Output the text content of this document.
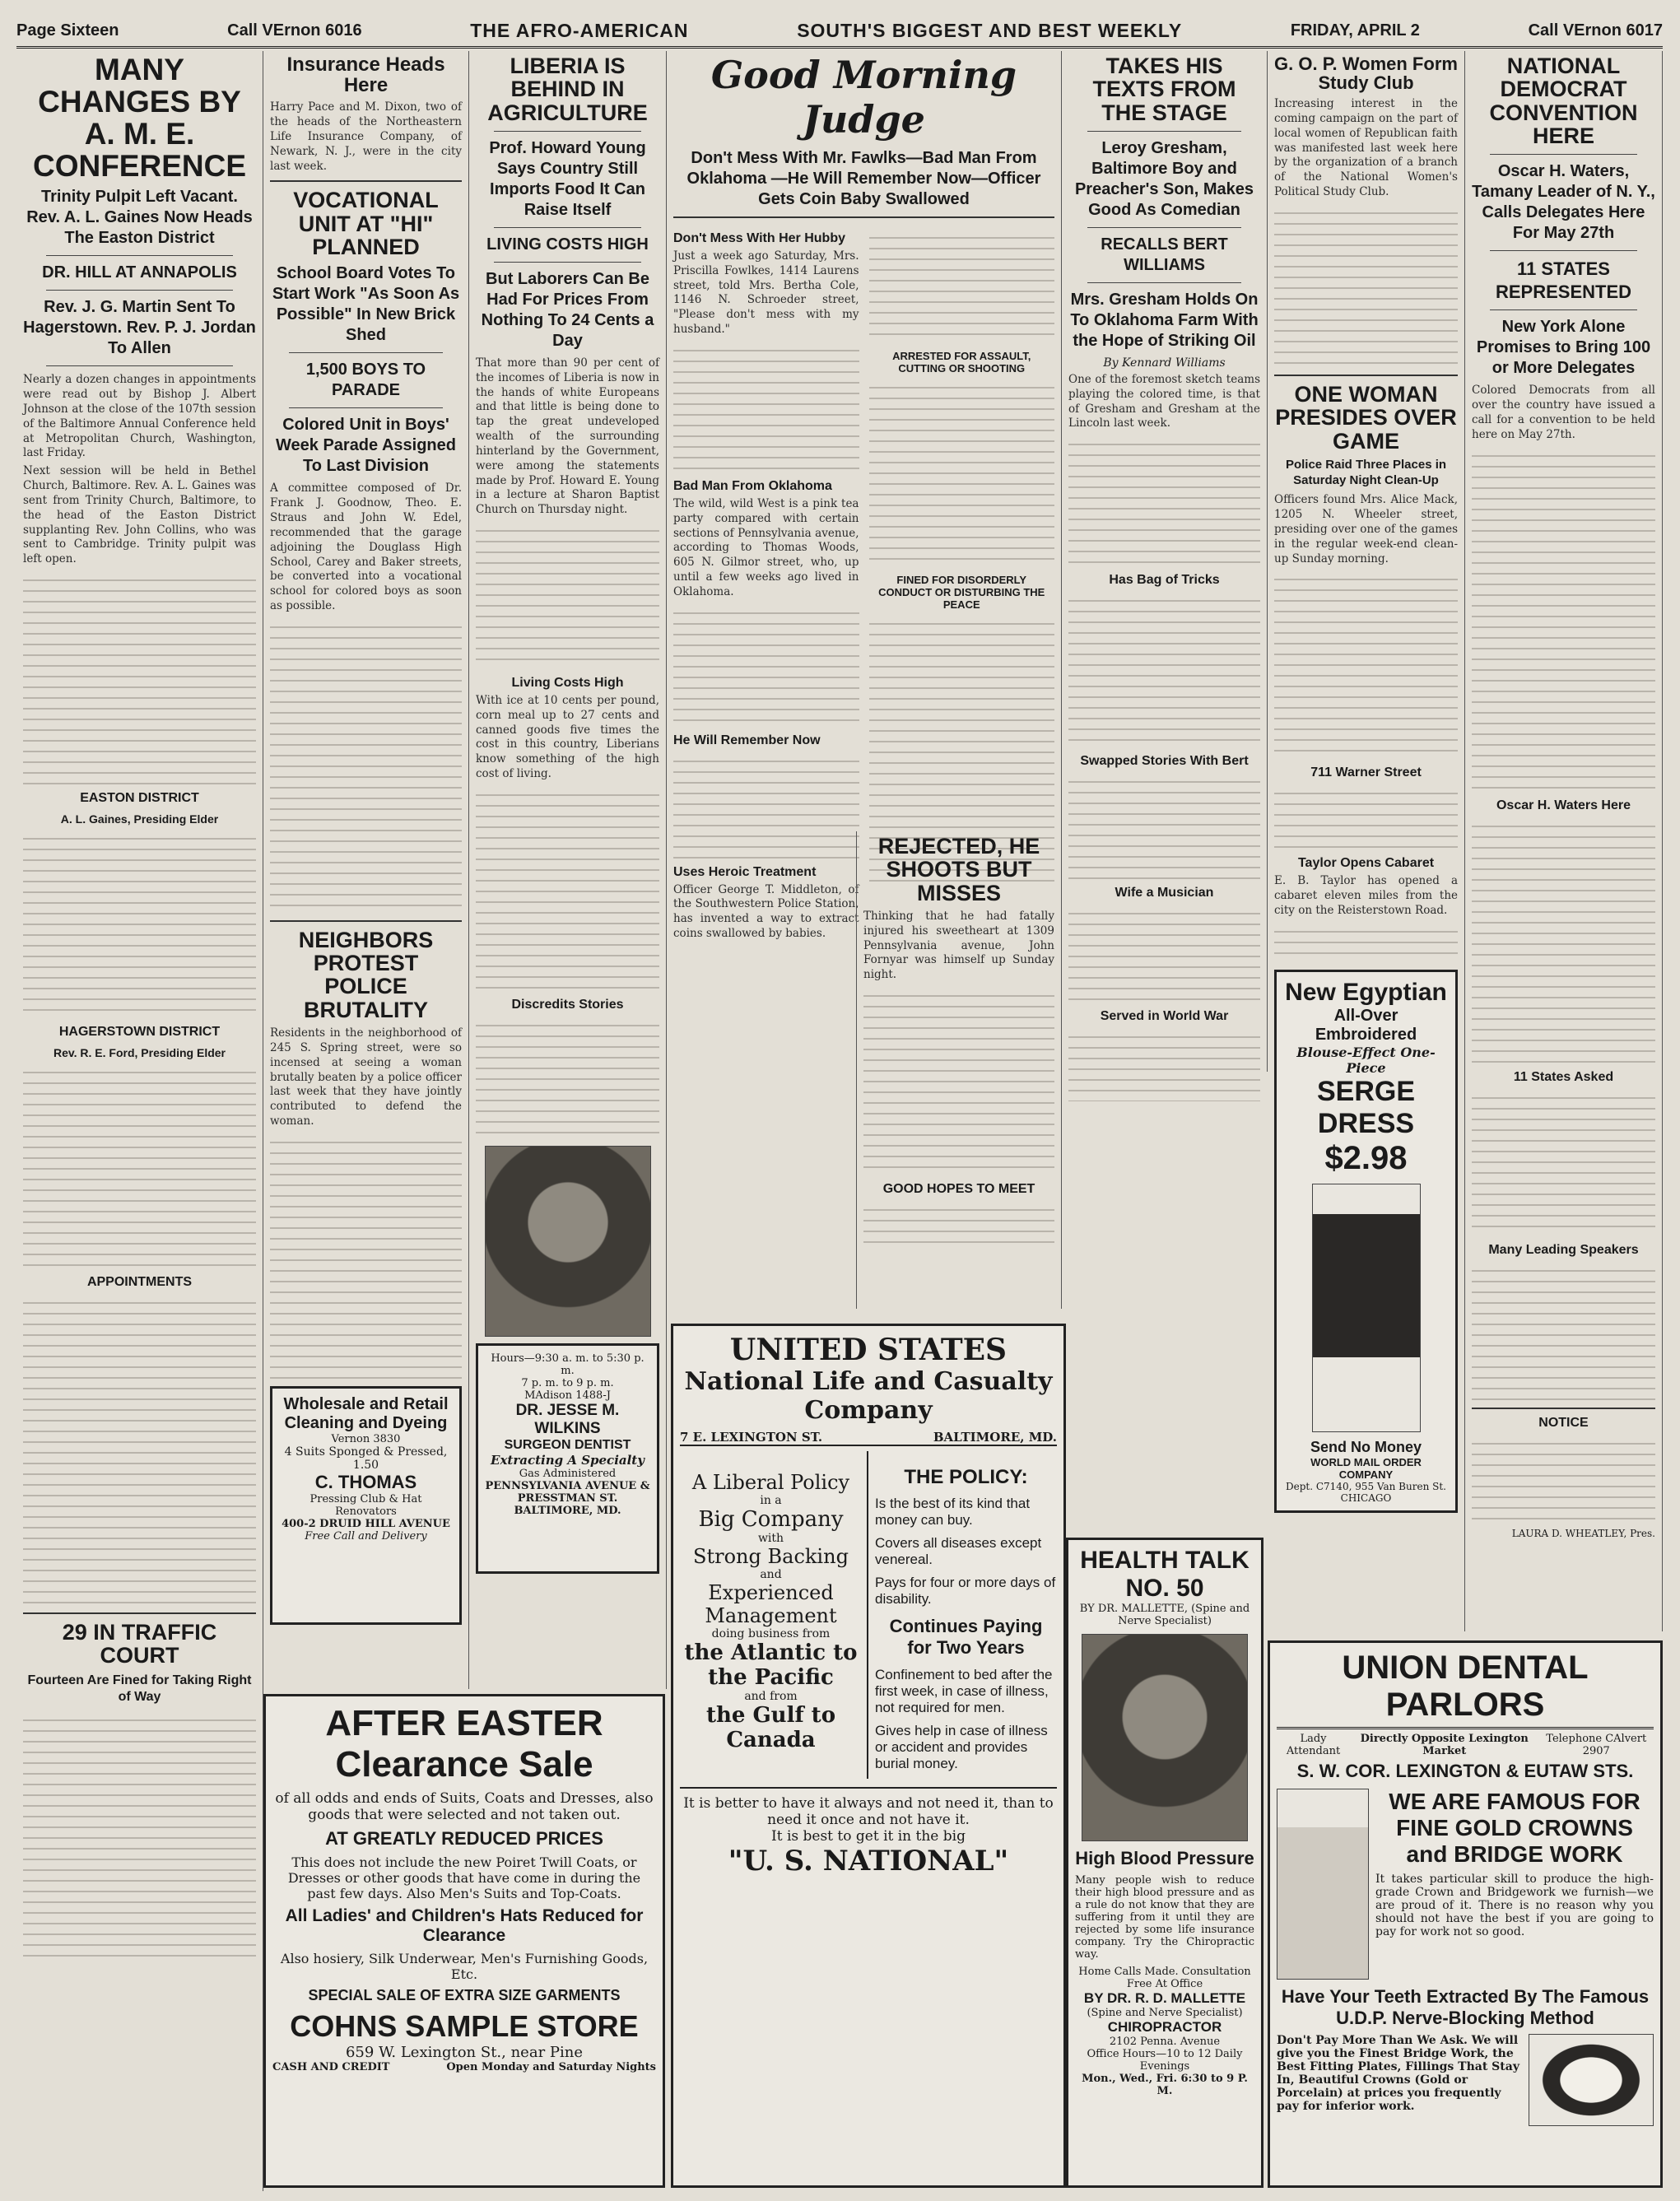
Page Sixteen	Call VErnon 6016	THE AFRO-AMERICAN	SOUTH'S BIGGEST AND BEST WEEKLY	FRIDAY, APRIL 2	Call VErnon 6017
MANY CHANGES BY A. M. E. CONFERENCE
Trinity Pulpit Left Vacant. Rev. A. L. Gaines Now Heads The Easton District
DR. HILL AT ANNAPOLIS
Rev. J. G. Martin Sent To Hagerstown. Rev. P. J. Jordan To Allen

Nearly a dozen changes in appointments were read out by Bishop J. Albert Johnson at the close of the 107th session of the Baltimore Annual Conference held at Metropolitan Church, Washington, last Friday.

Next session will be held in Bethel Church, Baltimore. Rev. A. L. Gaines was sent from Trinity Church, Baltimore, to the head of the Easton District supplanting Rev. John Collins, who was sent to Cambridge. Trinity pulpit was left open.

EASTON DISTRICT
A. L. Gaines, Presiding Elder

HAGERSTOWN DISTRICT
Rev. R. E. Ford, Presiding Elder

APPOINTMENTS

29 IN TRAFFIC COURT
Fourteen Are Fined for Taking Right of Way

Insurance Heads Here

Harry Pace and M. Dixon, two of the heads of the Northeastern Life Insurance Company, of Newark, N. J., were in the city last week.

VOCATIONAL UNIT AT "HI" PLANNED
School Board Votes To Start Work "As Soon As Possible" In New Brick Shed
1,500 BOYS TO PARADE
Colored Unit in Boys' Week Parade Assigned To Last Division

A committee composed of Dr. Frank J. Goodnow, Theo. E. Straus and John W. Edel, recommended that the garage adjoining the Douglass High School, Carey and Baker streets, be converted into a vocational school for colored boys as soon as possible.

NEIGHBORS PROTEST POLICE BRUTALITY

Residents in the neighborhood of 245 S. Spring street, were so incensed at seeing a woman brutally beaten by a police officer last week that they have jointly contributed to defend the woman.

Wholesale and Retail Cleaning and Dyeing
Vernon 3830
4 Suits Sponged & Pressed, 1.50
C. THOMAS
Pressing Club & Hat Renovators
400-2 DRUID HILL AVENUE
Free Call and Delivery
LIBERIA IS BEHIND IN AGRICULTURE
Prof. Howard Young Says Country Still Imports Food It Can Raise Itself
LIVING COSTS HIGH
But Laborers Can Be Had For Prices From Nothing To 24 Cents a Day

That more than 90 per cent of the incomes of Liberia is now in the hands of white Europeans and that little is being done to tap the great undeveloped wealth of the surrounding hinterland by the Government, were among the statements made by Prof. Howard E. Young in a lecture at Sharon Baptist Church on Thursday night.

Living Costs High

With ice at 10 cents per pound, corn meal up to 27 cents and canned goods five times the cost in this country, Liberians know something of the high cost of living.

Discredits Stories

Hours—9:30 a. m. to 5:30 p. m.
7 p. m. to 9 p. m.
MAdison 1488-J
DR. JESSE M. WILKINS
SURGEON DENTIST
Extracting A Specialty
Gas Administered
PENNSYLVANIA AVENUE & PRESSTMAN ST. BALTIMORE, MD.
Good Morning Judge
Don't Mess With Mr. Fawlks—Bad Man From Oklahoma —He Will Remember Now—Officer Gets Coin Baby Swallowed
Don't Mess With Her Hubby

Just a week ago Saturday, Mrs. Priscilla Fowlkes, 1414 Laurens street, told Mrs. Bertha Cole, 1146 N. Schroeder street, "Please don't mess with my husband."

Bad Man From Oklahoma

The wild, wild West is a pink tea party compared with certain sections of Pennsylvania avenue, according to Thomas Woods, 605 N. Gilmor street, who, up until a few weeks ago lived in Oklahoma.

He Will Remember Now

Uses Heroic Treatment

Officer George T. Middleton, of the Southwestern Police Station, has invented a way to extract coins swallowed by babies.

ARRESTED FOR ASSAULT, CUTTING OR SHOOTING

FINED FOR DISORDERLY CONDUCT OR DISTURBING THE PEACE

TAKES HIS TEXTS FROM THE STAGE
Leroy Gresham, Baltimore Boy and Preacher's Son, Makes Good As Comedian
RECALLS BERT WILLIAMS
Mrs. Gresham Holds On To Oklahoma Farm With the Hope of Striking Oil
By Kennard Williams

One of the foremost sketch teams playing the colored time, is that of Gresham and Gresham at the Lincoln last week.

Has Bag of Tricks

Swapped Stories With Bert

Wife a Musician

Served in World War

REJECTED, HE SHOOTS BUT MISSES

Thinking that he had fatally injured his sweetheart at 1309 Pennsylvania avenue, John Fornyar was himself up Sunday night.

GOOD HOPES TO MEET

G. O. P. Women Form Study Club

Increasing interest in the coming campaign on the part of local women of Republican faith was manifested last week here by the organization of a branch of the National Women's Political Study Club.

ONE WOMAN PRESIDES OVER GAME
Police Raid Three Places in Saturday Night Clean-Up

Officers found Mrs. Alice Mack, 1205 N. Wheeler street, presiding over one of the games in the regular week-end clean-up Sunday morning.

711 Warner Street

Taylor Opens Cabaret

E. B. Taylor has opened a cabaret eleven miles from the city on the Reisterstown Road.

New Egyptian
All-Over Embroidered
Blouse-Effect One-Piece
SERGE DRESS
$2.98
Send No Money
WORLD MAIL ORDER COMPANY
Dept. C7140, 955 Van Buren St. CHICAGO
NATIONAL DEMOCRAT CONVENTION HERE
Oscar H. Waters, Tamany Leader of N. Y., Calls Delegates Here For May 27th
11 STATES REPRESENTED
New York Alone Promises to Bring 100 or More Delegates

Colored Democrats from all over the country have issued a call for a convention to be held here on May 27th.

Oscar H. Waters Here

11 States Asked

Many Leading Speakers

NOTICE

LAURA D. WHEATLEY, Pres.
AFTER EASTER
Clearance Sale
of all odds and ends of Suits, Coats and Dresses, also goods that were selected and not taken out.
AT GREATLY REDUCED PRICES
This does not include the new Poiret Twill Coats, or Dresses or other goods that have come in during the past few days. Also Men's Suits and Top-Coats.
All Ladies' and Children's Hats Reduced for Clearance
Also hosiery, Silk Underwear, Men's Furnishing Goods, Etc.
SPECIAL SALE OF EXTRA SIZE GARMENTS
COHNS SAMPLE STORE
659 W. Lexington St., near Pine
CASH AND CREDIT	Open Monday and Saturday Nights
UNITED STATES
National Life and Casualty Company
7 E. LEXINGTON ST.	BALTIMORE, MD.
A Liberal Policy
in a
Big Company
with
Strong Backing
and
Experienced Management
doing business from
the Atlantic to the Pacific
and from
the Gulf to Canada
THE POLICY:
Is the best of its kind that money can buy.
Covers all diseases except venereal.
Pays for four or more days of disability.
Continues Paying for Two Years
Confinement to bed after the first week, in case of illness, not required for men.
Gives help in case of illness or accident and provides burial money.
It is better to have it always and not need it, than to need it once and not have it.
It is best to get it in the big
"U. S. NATIONAL"
HEALTH TALK NO. 50
BY DR. MALLETTE, (Spine and Nerve Specialist)
High Blood Pressure
Many people wish to reduce their high blood pressure and as a rule do not know that they are suffering from it until they are rejected by some life insurance company. Try the Chiropractic way.
Home Calls Made. Consultation Free At Office
BY DR. R. D. MALLETTE
(Spine and Nerve Specialist)
CHIROPRACTOR
2102 Penna. Avenue
Office Hours—10 to 12 Daily Evenings
Mon., Wed., Fri. 6:30 to 9 P. M.
UNION DENTAL PARLORS
Lady Attendant
Directly Opposite Lexington Market
Telephone CAlvert 2907
S. W. COR. LEXINGTON & EUTAW STS.
WE ARE FAMOUS FOR FINE GOLD CROWNS and BRIDGE WORK
It takes particular skill to produce the high-grade Crown and Bridgework we furnish—we are proud of it. There is no reason why you should not have the best if you are going to pay for work not so good.
Have Your Teeth Extracted By The Famous U.D.P. Nerve-Blocking Method
Don't Pay More Than We Ask. We will give you the Finest Bridge Work, the Best Fitting Plates, Fillings That Stay In, Beautiful Crowns (Gold or Porcelain) at prices you frequently pay for inferior work.
